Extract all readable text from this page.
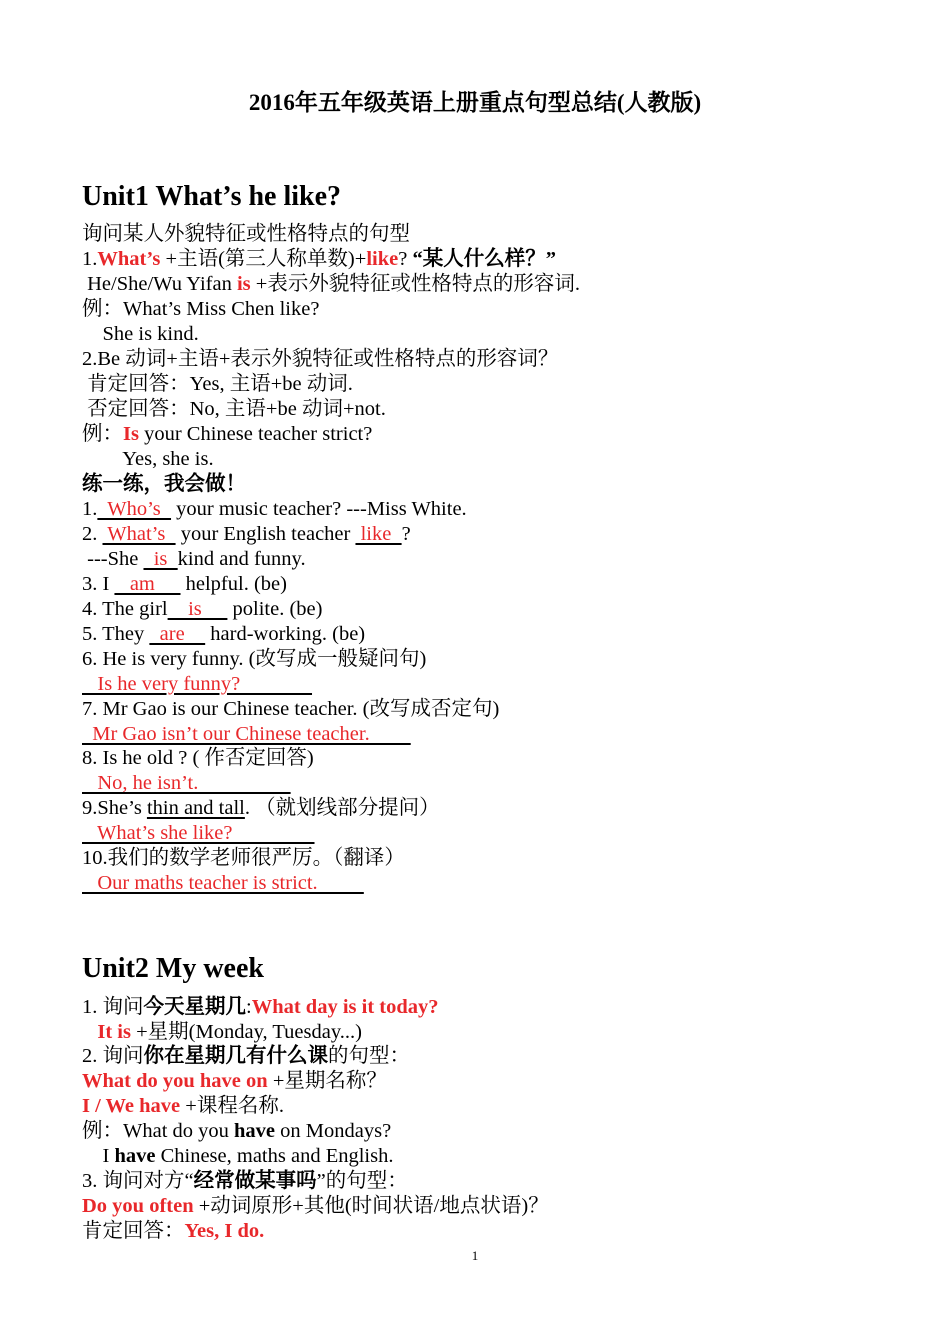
2016年五年级英语上册重点句型总结(人教版)
Unit1 What’s he like?
询问某人外貌特征或性格特点的句型
1.What’s +主语(第三人称单数)+like? “某人什么样？”
He/She/Wu Yifan is +表示外貌特征或性格特点的形容词.
例：What’s Miss Chen like?
She is kind.
2.Be 动词+主语+表示外貌特征或性格特点的形容词？
肯定回答：Yes, 主语+be 动词.
否定回答：No, 主语+be 动词+not.
例：Is your Chinese teacher strict?
Yes, she is.
练一练，我会做！
1.  Who’s   your music teacher? ---Miss White.
2.  What’s   your English teacher  like  ?
---She   is  kind and funny.
3. I    am      helpful. (be)
4. The girl    is      polite. (be)
5. They   are     hard-working. (be)
6. He is very funny. (改写成一般疑问句)
Is he very funny?
7. Mr Gao is our Chinese teacher. (改写成否定句)
Mr Gao isn’t our Chinese teacher.
8. Is he old ? ( 作否定回答)
No, he isn’t.
9.She’s thin and tall. （就划线部分提问）
What’s she like?
10.我们的数学老师很严厉。（翻译）
Our maths teacher is strict.
Unit2 My week
1. 询问今天星期几:What day is it today?
It is +星期(Monday, Tuesday...)
2. 询问你在星期几有什么课的句型：
What do you have on +星期名称？
I / We have +课程名称.
例：What do you have on Mondays?
I have Chinese, maths and English.
3. 询问对方“经常做某事吗”的句型：
Do you often +动词原形+其他(时间状语/地点状语)？
肯定回答：Yes, I do.
1
